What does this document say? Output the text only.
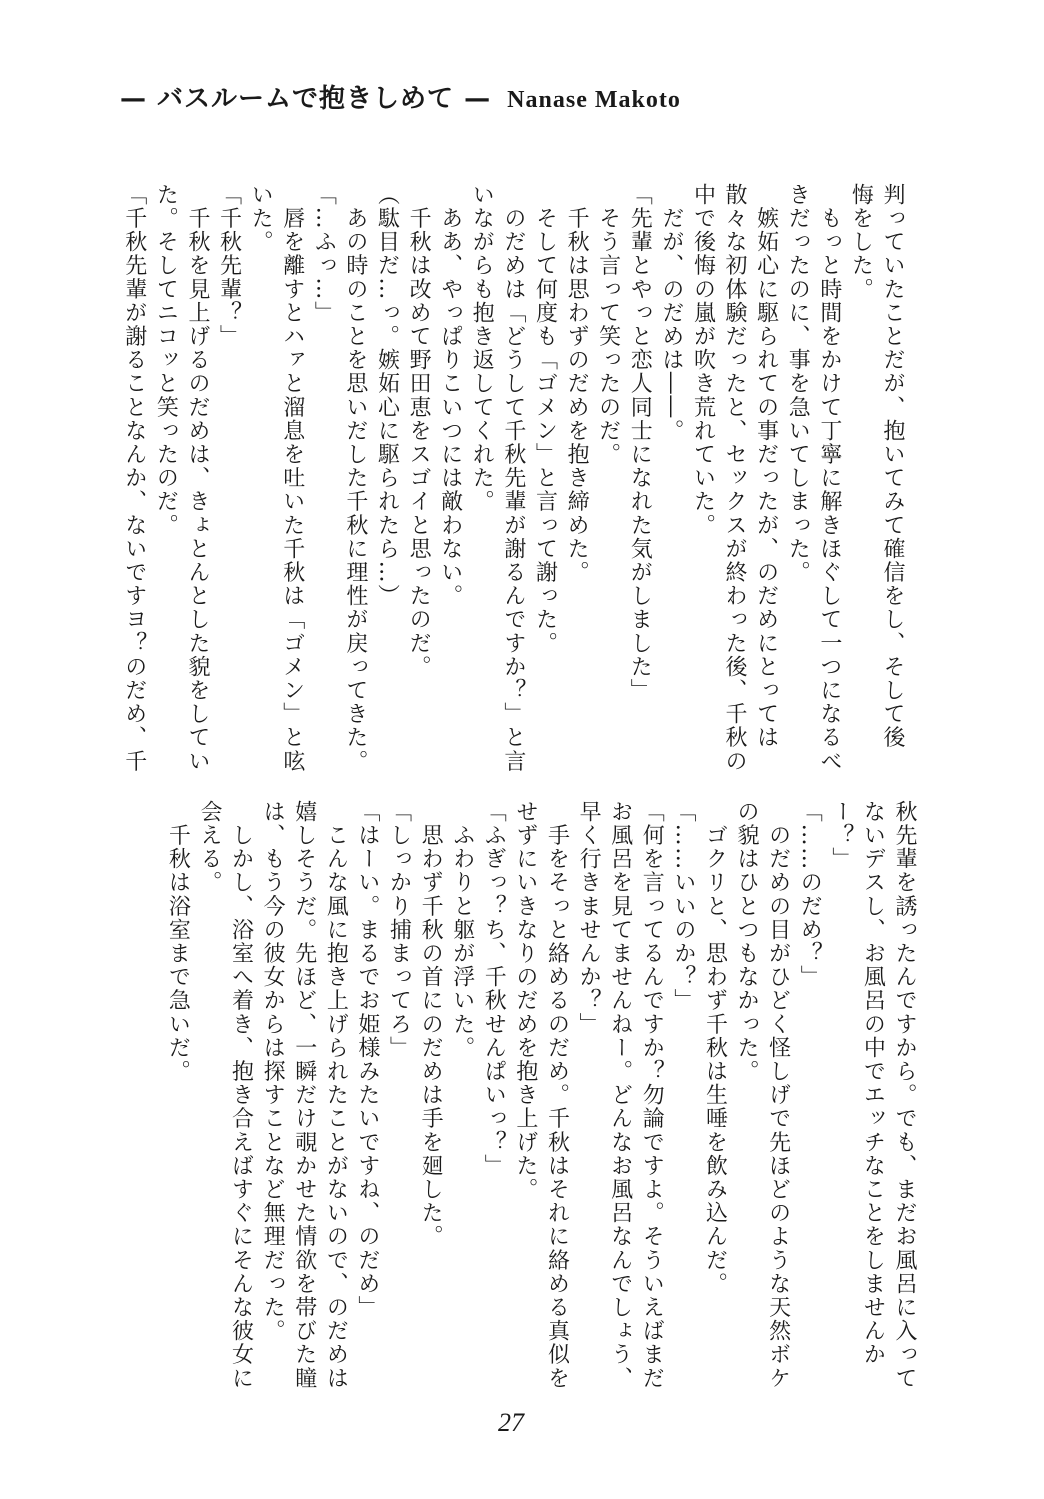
— バスルームで抱きしめて — Nanase Makoto
判っていたことだが、抱いてみて確信をし、そして後
悔をした。
　もっと時間をかけて丁寧に解きほぐして一つになるべ
きだったのに、事を急いてしまった。
　嫉妬心に駆られての事だったが、のだめにとっては
散々な初体験だったと、セックスが終わった後、千秋の
中で後悔の嵐が吹き荒れていた。
　だが、のだめは――。
「先輩とやっと恋人同士になれた気がしました」
　そう言って笑ったのだ。
　千秋は思わずのだめを抱き締めた。
　そして何度も「ゴメン」と言って謝った。
　のだめは「どうして千秋先輩が謝るんですか？」と言
いながらも抱き返してくれた。
　ああ、やっぱりこいつには敵わない。
　千秋は改めて野田恵をスゴイと思ったのだ。
（駄目だ…っ。嫉妬心に駆られたら…）
　あの時のことを思いだした千秋に理性が戻ってきた。
「…ふっ…」
　唇を離すとハァと溜息を吐いた千秋は「ゴメン」と呟
いた。
「千秋先輩？」
　千秋を見上げるのだめは、きょとんとした貌をしてい
た。そしてニコッと笑ったのだ。
「千秋先輩が謝ることなんか、ないですヨ？のだめ、千
秋先輩を誘ったんですから。でも、まだお風呂に入って
ないデスし、お風呂の中でエッチなことをしませんか
ー？」
「……のだめ？」
　のだめの目がひどく怪しげで先ほどのような天然ボケ
の貌はひとつもなかった。
　ゴクリと、思わず千秋は生唾を飲み込んだ。
「……いいのか？」
「何を言ってるんですか？勿論ですよ。そういえばまだ
お風呂を見てませんねー。どんなお風呂なんでしょう、
早く行きませんか？」
　手をそっと絡めるのだめ。千秋はそれに絡める真似を
せずにいきなりのだめを抱き上げた。
「ふぎっ？ち、千秋せんぱいっ？」
　ふわりと躯が浮いた。
　思わず千秋の首にのだめは手を廻した。
「しっかり捕まってろ」
「はーい。まるでお姫様みたいですね、のだめ」
　こんな風に抱き上げられたことがないので、のだめは
嬉しそうだ。先ほど、一瞬だけ覗かせた情欲を帯びた瞳
は、もう今の彼女からは探すことなど無理だった。
　しかし、浴室へ着き、抱き合えばすぐにそんな彼女に
会える。
　千秋は浴室まで急いだ。
27
